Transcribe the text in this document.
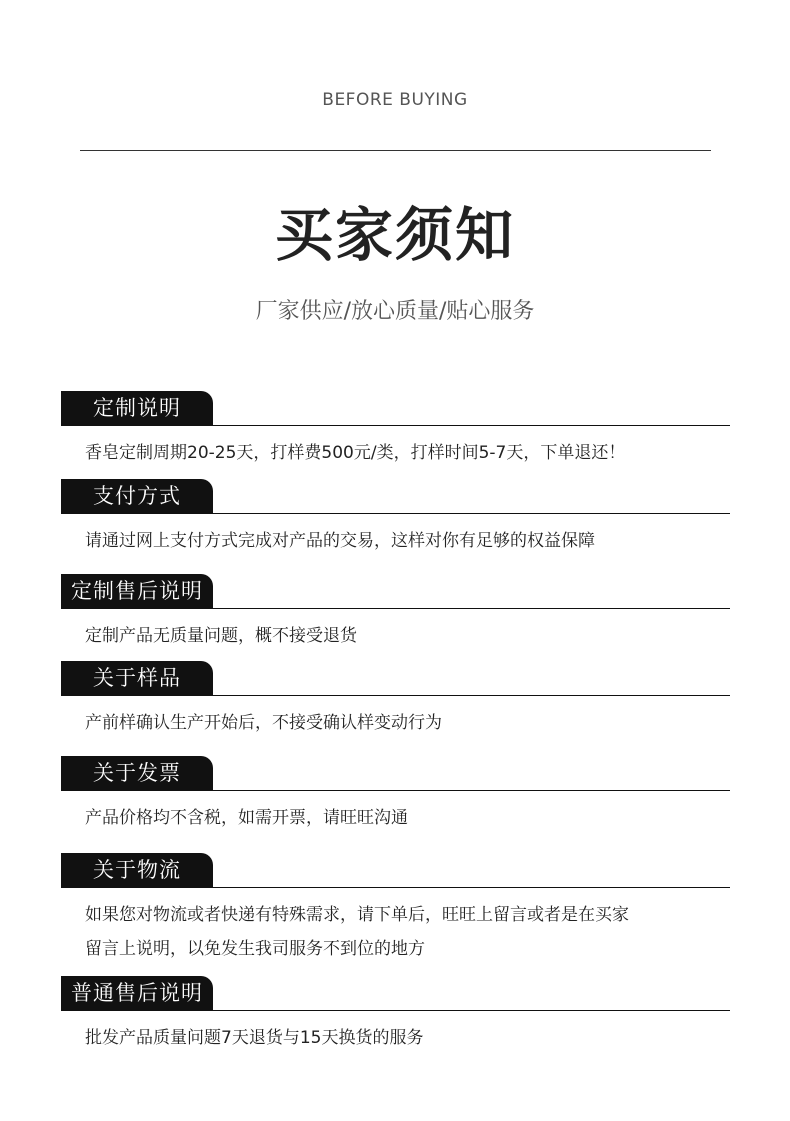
BEFORE BUYING
买家须知
厂家供应/放心质量/贴心服务
定制说明
香皂定制周期20-25天，打样费500元/类，打样时间5-7天，下单退还！
支付方式
请通过网上支付方式完成对产品的交易，这样对你有足够的权益保障
定制售后说明
定制产品无质量问题，概不接受退货
关于样品
产前样确认生产开始后，不接受确认样变动行为
关于发票
产品价格均不含税，如需开票，请旺旺沟通
关于物流
如果您对物流或者快递有特殊需求，请下单后，旺旺上留言或者是在买家
留言上说明，以免发生我司服务不到位的地方
普通售后说明
批发产品质量问题7天退货与15天换货的服务
